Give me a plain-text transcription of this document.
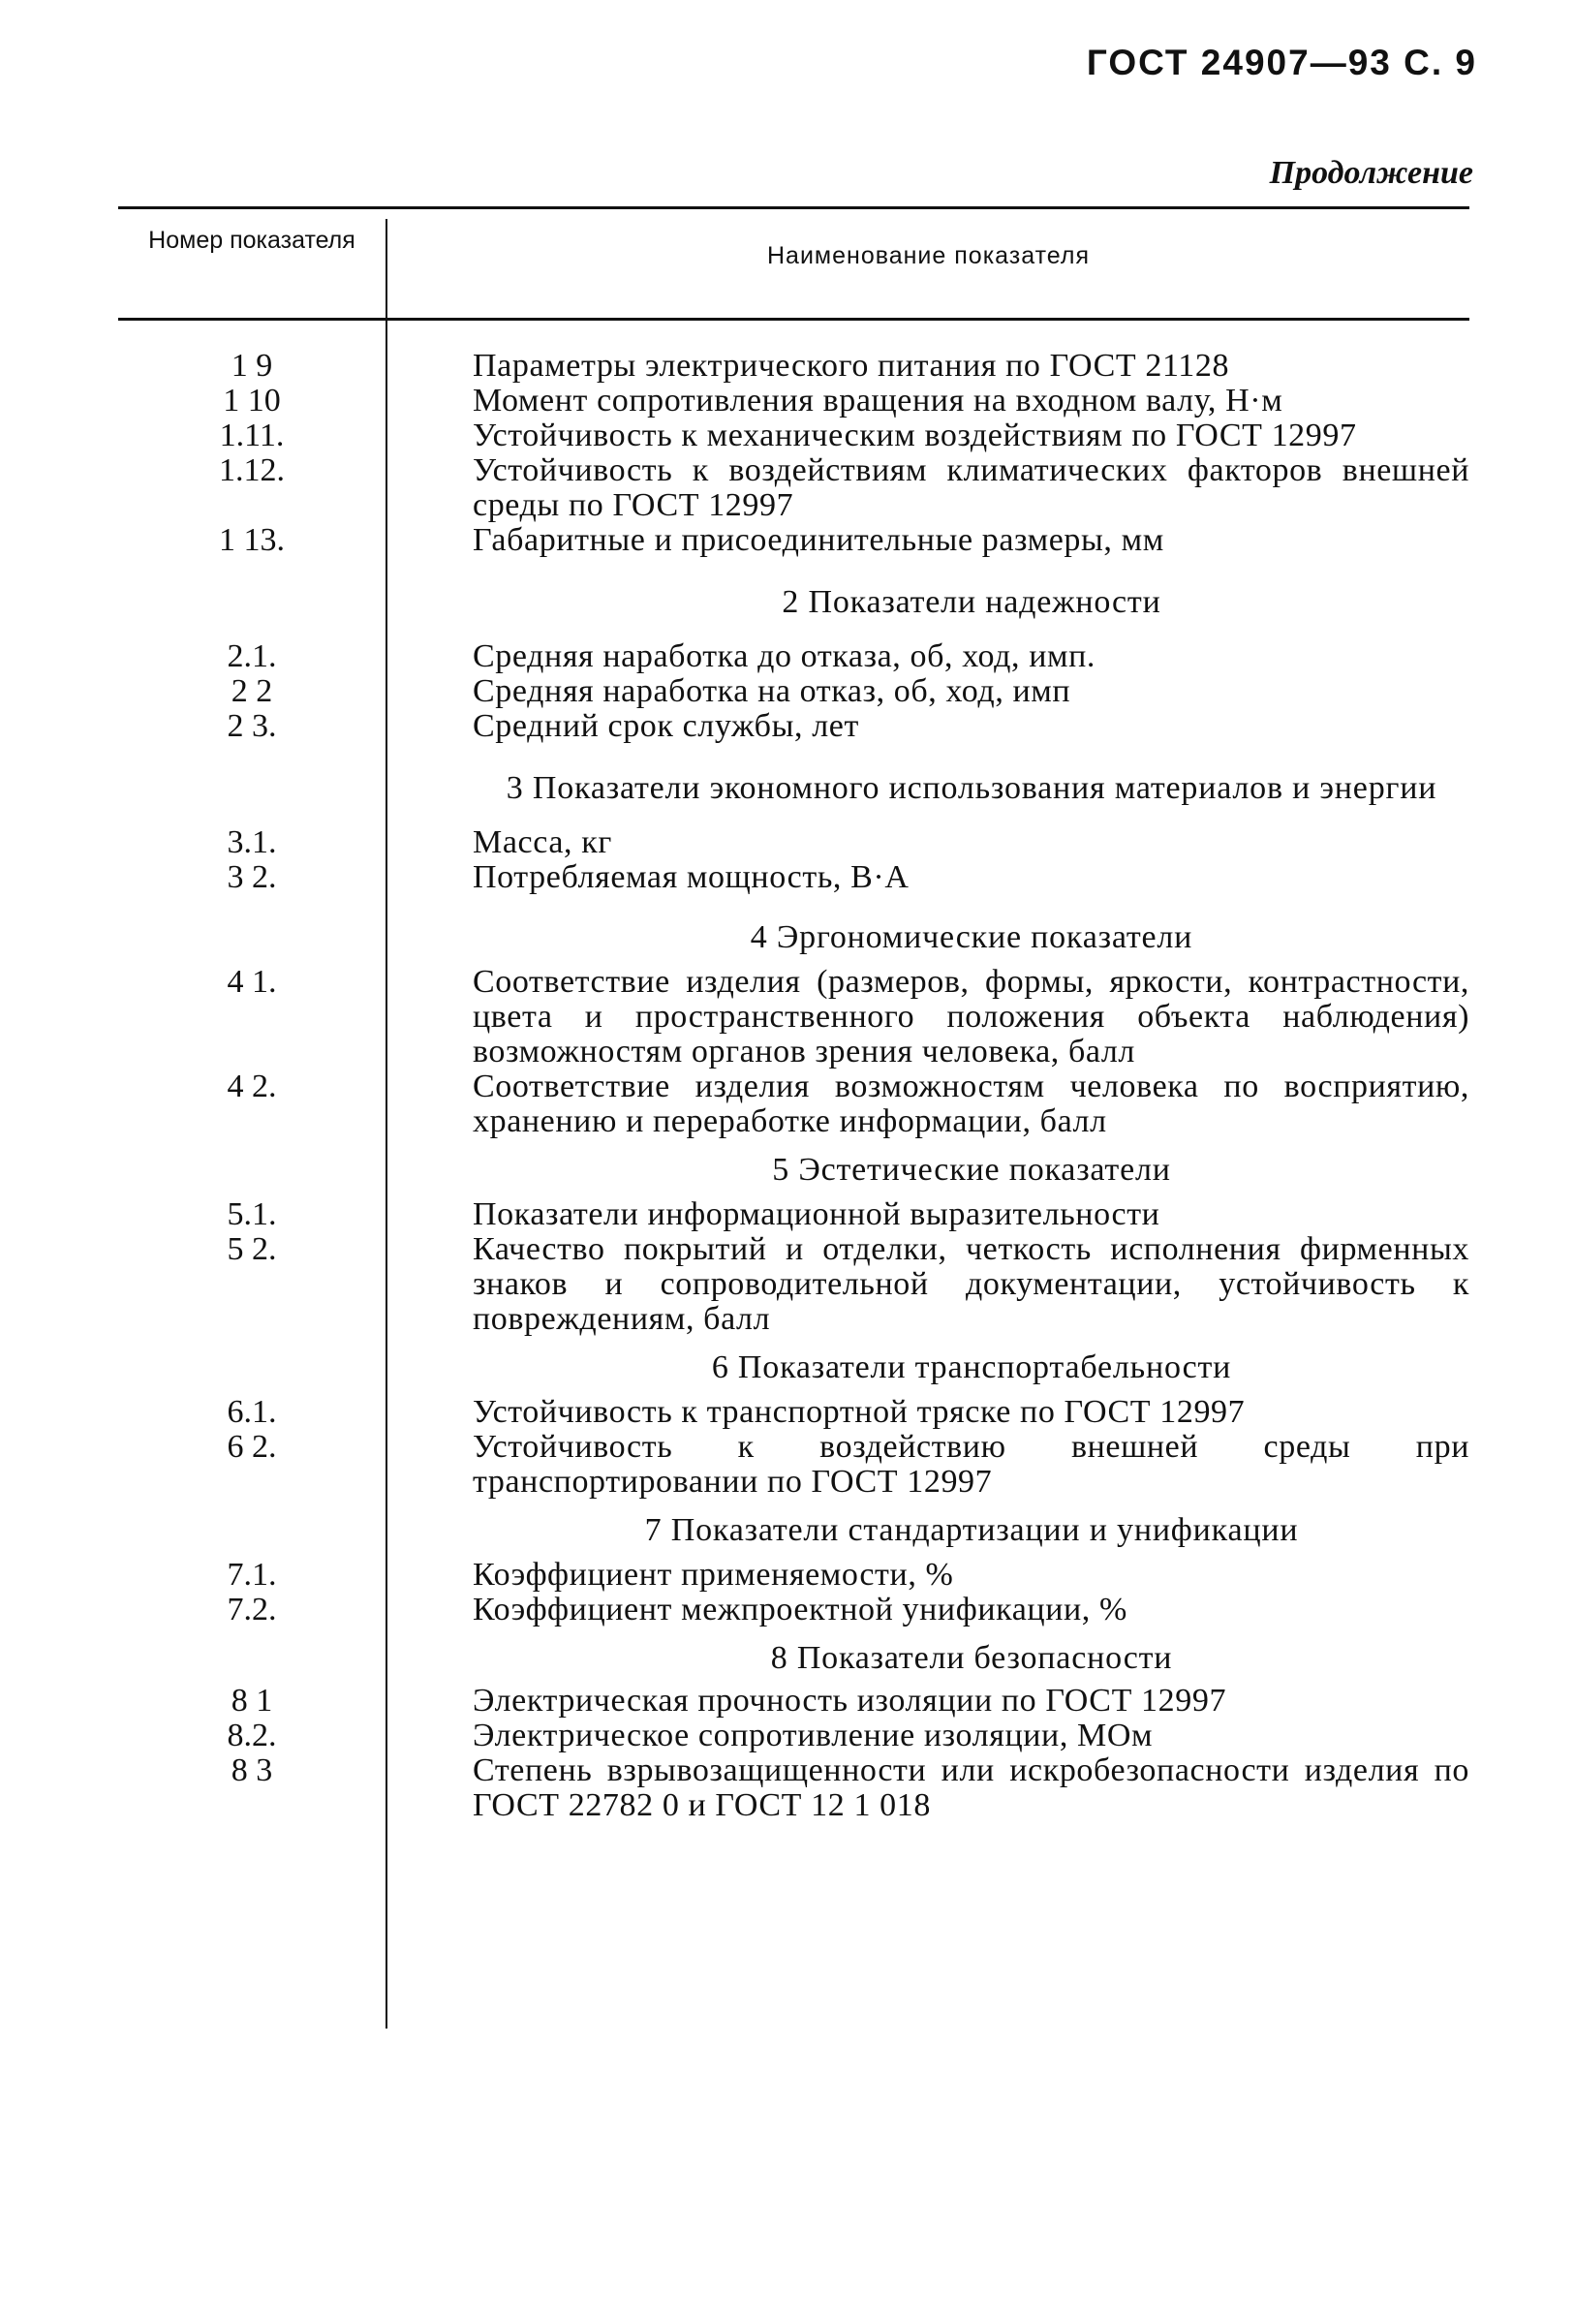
ГОСТ 24907—93 С. 9
Продолжение
Номер показателя
Наименование показателя
1 9	Параметры электрического питания по ГОСТ 21128
1 10	Момент сопротивления вращения на входном валу, Н·м
1.11.	Устойчивость к механическим воздействиям по ГОСТ 12997
1.12.	Устойчивость к воздействиям климатических факторов внешней среды по ГОСТ 12997
1 13.	Габаритные и присоединительные размеры, мм
2 Показатели надежности
2.1.	Средняя наработка до отказа, об, ход, имп.
2 2	Средняя наработка на отказ, об, ход, имп
2 3.	Средний срок службы, лет
3 Показатели экономного использования материалов и энергии
3.1.	Масса, кг
3 2.	Потребляемая мощность, В·А
4 Эргономические показатели
4 1.	Соответствие изделия (размеров, формы, яркости, контрастности, цвета и пространственного положения объекта наблюдения) возможностям органов зрения человека, балл
4 2.	Соответствие изделия возможностям человека по восприятию, хранению и переработке информации, балл
5 Эстетические показатели
5.1.	Показатели информационной выразительности
5 2.	Качество покрытий и отделки, четкость исполнения фирменных знаков и сопроводительной документации, устойчивость к повреждениям, балл
6 Показатели транспортабельности
6.1.	Устойчивость к транспортной тряске по ГОСТ 12997
6 2.	Устойчивость к воздействию внешней среды при транспортировании по ГОСТ 12997
7 Показатели стандартизации и унификации
7.1.	Коэффициент применяемости, %
7.2.	Коэффициент межпроектной унификации, %
8 Показатели безопасности
8 1	Электрическая прочность изоляции по ГОСТ 12997
8.2.	Электрическое сопротивление изоляции, МОм
8 3	Степень взрывозащищенности или искробезопасности изделия по ГОСТ 22782 0 и ГОСТ 12 1 018
